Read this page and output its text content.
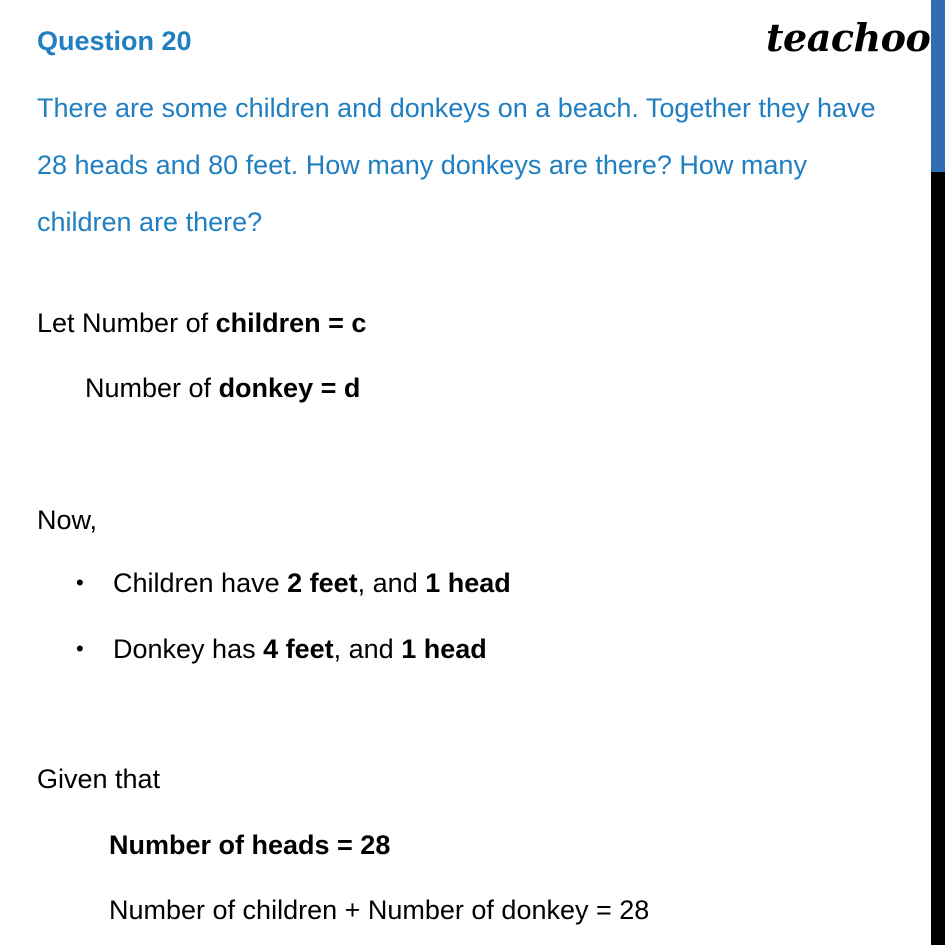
Question 20	teachoo
There are some children and donkeys on a beach. Together they have 28 heads and 80 feet. How many donkeys are there? How many children are there?
Let Number of children = c
Number of donkey = d
Now,
• Children have 2 feet, and 1 head
• Donkey has 4 feet, and 1 head
Given that
Number of heads = 28
Number of children + Number of donkey = 28
